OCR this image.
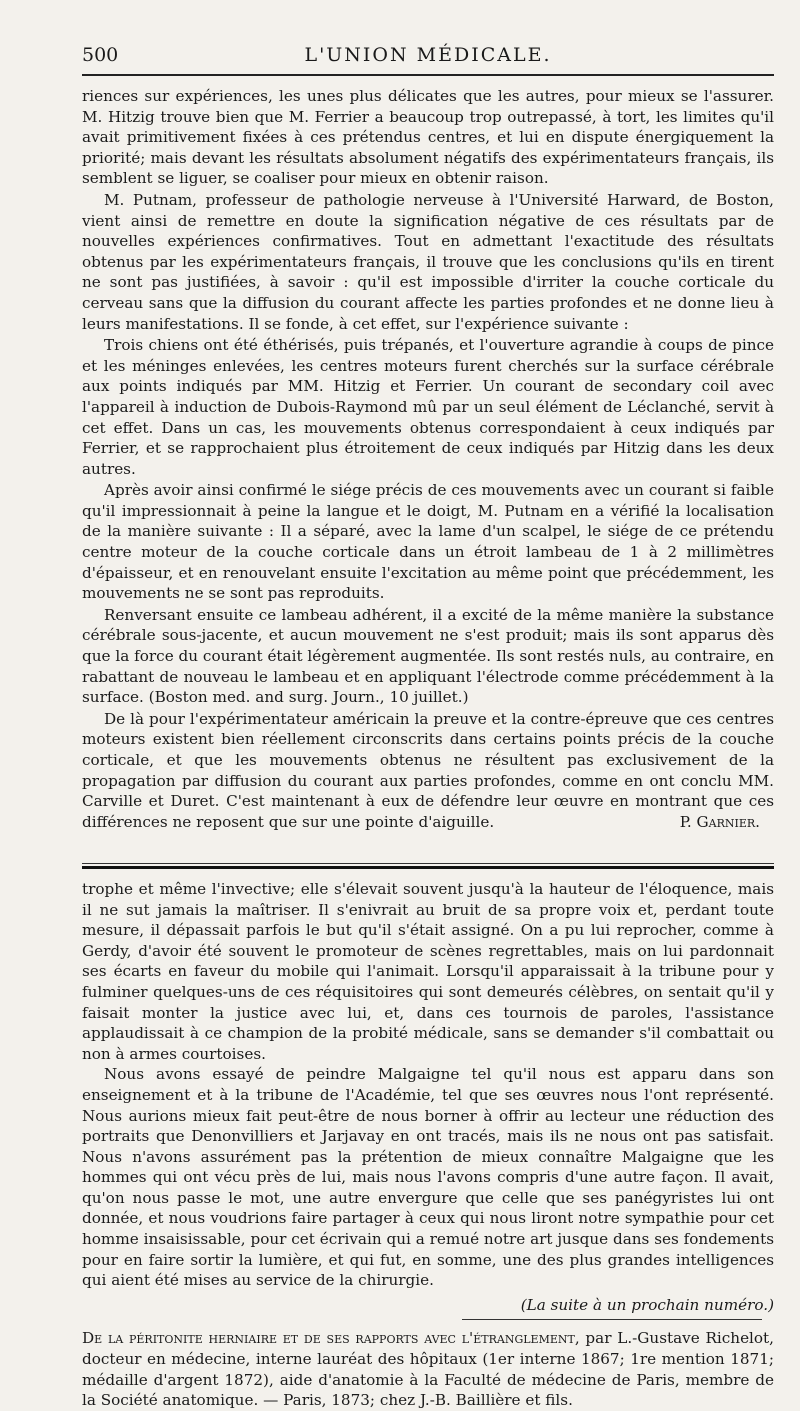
500	L'UNION MÉDICALE.

riences sur expériences, les unes plus délicates que les autres, pour mieux se l'assurer. M. Hitzig trouve bien que M. Ferrier a beaucoup trop outrepassé, à tort, les limites qu'il avait primitivement fixées à ces prétendus centres, et lui en dispute énergiquement la priorité; mais devant les résultats absolument négatifs des expérimentateurs français, ils semblent se liguer, se coaliser pour mieux en obtenir raison.

M. Putnam, professeur de pathologie nerveuse à l'Université Harward, de Boston, vient ainsi de remettre en doute la signification négative de ces résultats par de nouvelles expériences confirmatives. Tout en admettant l'exactitude des résultats obtenus par les expérimentateurs français, il trouve que les conclusions qu'ils en tirent ne sont pas justifiées, à savoir : qu'il est impossible d'irriter la couche corticale du cerveau sans que la diffusion du courant affecte les parties profondes et ne donne lieu à leurs manifestations. Il se fonde, à cet effet, sur l'expérience suivante :

Trois chiens ont été éthérisés, puis trépanés, et l'ouverture agrandie à coups de pince et les méninges enlevées, les centres moteurs furent cherchés sur la surface cérébrale aux points indiqués par MM. Hitzig et Ferrier. Un courant de secondary coil avec l'appareil à induction de Dubois-Raymond mû par un seul élément de Léclanché, servit à cet effet. Dans un cas, les mouvements obtenus correspondaient à ceux indiqués par Ferrier, et se rapprochaient plus étroitement de ceux indiqués par Hitzig dans les deux autres.

Après avoir ainsi confirmé le siége précis de ces mouvements avec un courant si faible qu'il impressionnait à peine la langue et le doigt, M. Putnam en a vérifié la localisation de la manière suivante : Il a séparé, avec la lame d'un scalpel, le siége de ce prétendu centre moteur de la couche corticale dans un étroit lambeau de 1 à 2 millimètres d'épaisseur, et en renouvelant ensuite l'excitation au même point que précédemment, les mouvements ne se sont pas reproduits.

Renversant ensuite ce lambeau adhérent, il a excité de la même manière la substance cérébrale sous-jacente, et aucun mouvement ne s'est produit; mais ils sont apparus dès que la force du courant était légèrement augmentée. Ils sont restés nuls, au contraire, en rabattant de nouveau le lambeau et en appliquant l'électrode comme précédemment à la surface. (Boston med. and surg. Journ., 10 juillet.)

De là pour l'expérimentateur américain la preuve et la contre-épreuve que ces centres moteurs existent bien réellement circonscrits dans certains points précis de la couche corticale, et que les mouvements obtenus ne résultent pas exclusivement de la propagation par diffusion du courant aux parties profondes, comme en ont conclu MM. Carville et Duret. C'est maintenant à eux de défendre leur œuvre en montrant que ces différences ne reposent que sur une pointe d'aiguille.	P. Garnier.

trophe et même l'invective; elle s'élevait souvent jusqu'à la hauteur de l'éloquence, mais il ne sut jamais la maîtriser. Il s'enivrait au bruit de sa propre voix et, perdant toute mesure, il dépassait parfois le but qu'il s'était assigné. On a pu lui reprocher, comme à Gerdy, d'avoir été souvent le promoteur de scènes regrettables, mais on lui pardonnait ses écarts en faveur du mobile qui l'animait. Lorsqu'il apparaissait à la tribune pour y fulminer quelques-uns de ces réquisitoires qui sont demeurés célèbres, on sentait qu'il y faisait monter la justice avec lui, et, dans ces tournois de paroles, l'assistance applaudissait à ce champion de la probité médicale, sans se demander s'il combattait ou non à armes courtoises.

Nous avons essayé de peindre Malgaigne tel qu'il nous est apparu dans son enseignement et à la tribune de l'Académie, tel que ses œuvres nous l'ont représenté. Nous aurions mieux fait peut-être de nous borner à offrir au lecteur une réduction des portraits que Denonvilliers et Jarjavay en ont tracés, mais ils ne nous ont pas satisfait. Nous n'avons assurément pas la prétention de mieux connaître Malgaigne que les hommes qui ont vécu près de lui, mais nous l'avons compris d'une autre façon. Il avait, qu'on nous passe le mot, une autre envergure que celle que ses panégyristes lui ont donnée, et nous voudrions faire partager à ceux qui nous liront notre sympathie pour cet homme insaisissable, pour cet écrivain qui a remué notre art jusque dans ses fondements pour en faire sortir la lumière, et qui fut, en somme, une des plus grandes intelligences qui aient été mises au service de la chirurgie.

(La suite à un prochain numéro.)

De la péritonite herniaire et de ses rapports avec l'étranglement, par L.-Gustave Richelot, docteur en médecine, interne lauréat des hôpitaux (1er interne 1867; 1re mention 1871; médaille d'argent 1872), aide d'anatomie à la Faculté de médecine de Paris, membre de la Société anatomique. — Paris, 1873; chez J.-B. Baillière et fils.
